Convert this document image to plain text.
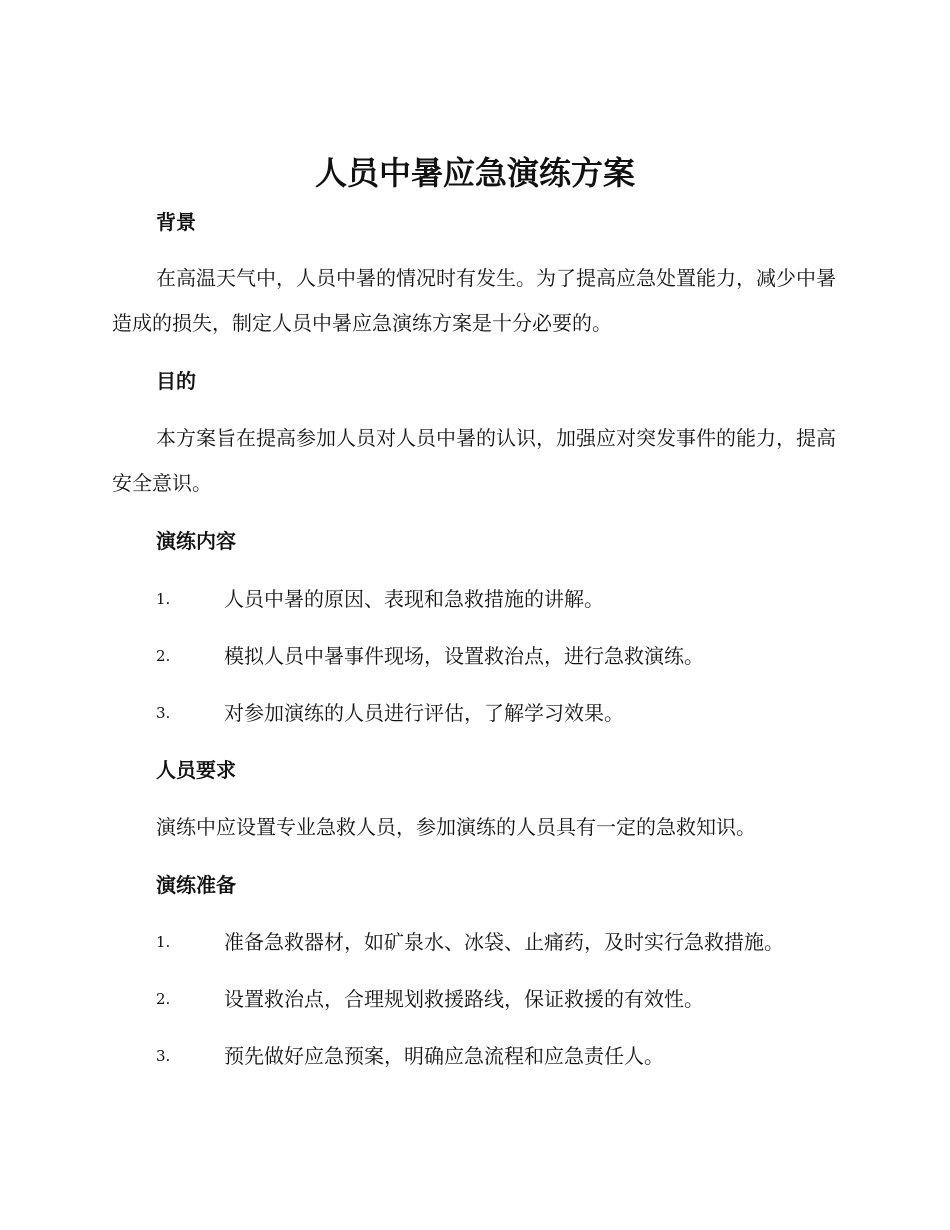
人员中暑应急演练方案
背景
在高温天气中，人员中暑的情况时有发生。为了提高应急处置能力，减少中暑造成的损失，制定人员中暑应急演练方案是十分必要的。
目的
本方案旨在提高参加人员对人员中暑的认识，加强应对突发事件的能力，提高安全意识。
演练内容
1.	人员中暑的原因、表现和急救措施的讲解。
2.	模拟人员中暑事件现场，设置救治点，进行急救演练。
3.	对参加演练的人员进行评估，了解学习效果。
人员要求
演练中应设置专业急救人员，参加演练的人员具有一定的急救知识。
演练准备
1.	准备急救器材，如矿泉水、冰袋、止痛药，及时实行急救措施。
2.	设置救治点，合理规划救援路线，保证救援的有效性。
3.	预先做好应急预案，明确应急流程和应急责任人。
